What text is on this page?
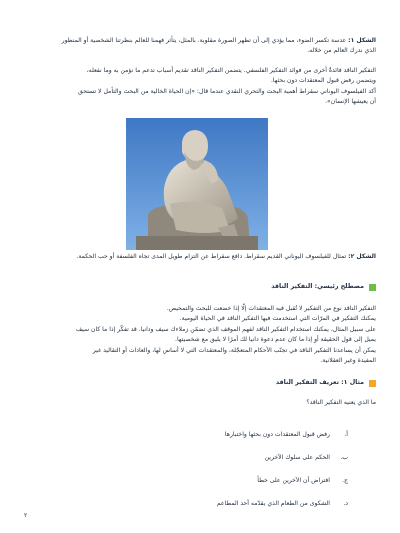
الشكل ١: عدسة تكسر الضوء، مما يؤدي إلى أن تظهر الصورة مقلوبة. بالمثل، يتأثر فهمنا للعالم بنظرتنا الشخصية أو المنظور
الذي ندرك العالم من خلاله.

التفكير الناقد فائدةٌ أخرى من فوائد التفكير الفلسفي. يتضمن التفكير الناقد تقديم أسباب تدعم ما نؤمن به وما نفعله،
ويتضمن رفض قبول المعتقدات دون بحثها.
أكد الفيلسوف اليوناني سقراط أهمية البحث والتحري النقدي عندما قال: «إن الحياة الخالية من البحث والتأمل لا تستحق
أن يعيشها الإنسان».

الشكل ٢: تمثال للفيلسوف اليوناني القديم سقراط. دافع سقراط عن التزام طويل المدى تجاه الفلسفة أو حب الحكمة.

مصطلح رئيسي: التفكير الناقد

التفكير الناقد نوع من التفكير لا تُقبل فيه المعتقدات إلّا إذا خضعت للبحث والتمحيص.
يمكنك التفكير في المرّات التي استخدمت فيها التفكير الناقد في الحياة اليومية.
على سبيل المثال، يمكنك استخدام التفكير الناقد لفهم الموقف الذي تضمّن زملاءك سيف ودانيا. قد تفكّر إذا ما كان سيف
يميل إلى قول الحقيقة أو إذا ما كان عدم دعوة دانيا لك أمرًا لا يليق مع شخصيتها.
يمكن أن يساعدنا التفكير الناقد في تجنّب الأحكام المتعجّلة، والمعتقدات التي لا أساس لها، والعادات أو التقاليد غير
المفيدة وغير العقلانية.

مثال ١: تعريف التفكير الناقد

ما الذي يعنيه التفكير الناقد؟

أ.
رفض قبول المعتقدات دون بحثها واختبارها
ب.
الحكم على سلوك الآخرين
ج.
افتراض أن الآخرين على خطأ
د.
الشكوى من الطعام الذي يقدّمه أحد المطاعم
٢
